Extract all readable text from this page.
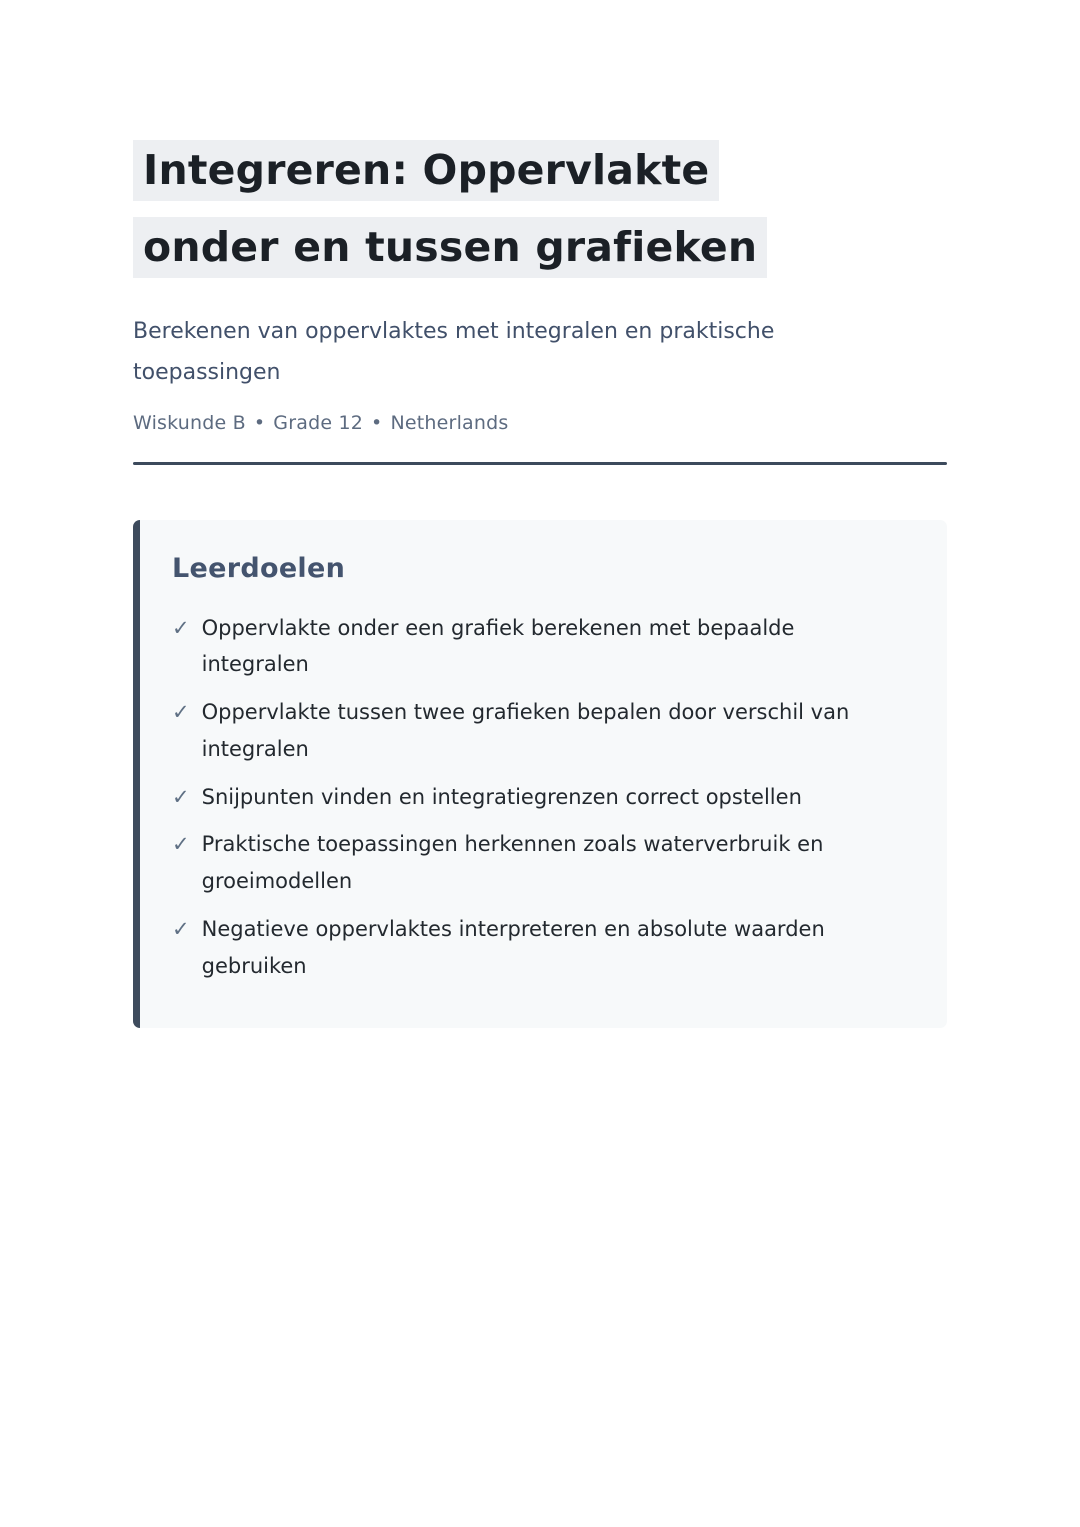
Integreren: Oppervlakte
onder en tussen grafieken

Berekenen van oppervlaktes met integralen en praktische toepassingen

Wiskunde B • Grade 12 • Netherlands

Leerdoelen
✓ Oppervlakte onder een grafiek berekenen met bepaalde integralen
✓ Oppervlakte tussen twee grafieken bepalen door verschil van integralen
✓ Snijpunten vinden en integratiegrenzen correct opstellen
✓ Praktische toepassingen herkennen zoals waterverbruik en groeimodellen
✓ Negatieve oppervlaktes interpreteren en absolute waarden gebruiken
